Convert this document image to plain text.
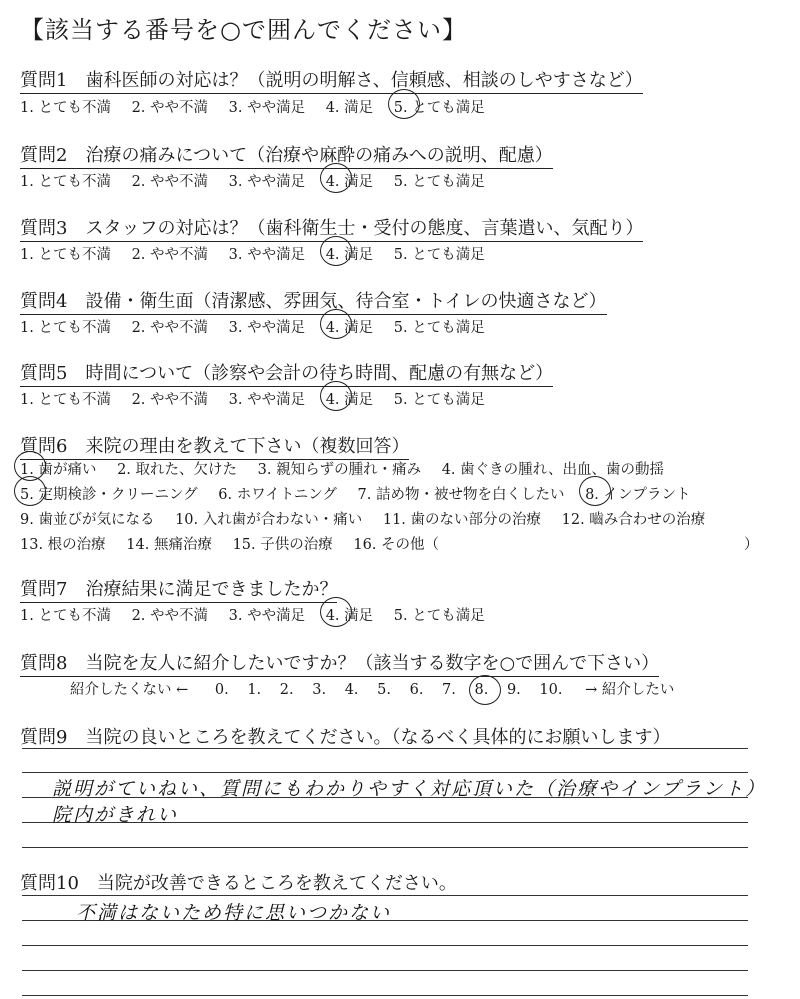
【該当する番号を○で囲んでください】
質問1　歯科医師の対応は？（説明の明解さ、信頼感、相談のしやすさなど）
1. とても不満 2. やや不満 3. やや満足 4. 満足 5. とても満足
質問2　治療の痛みについて（治療や麻酔の痛みへの説明、配慮）
1. とても不満 2. やや不満 3. やや満足 4. 満足 5. とても満足
質問3　スタッフの対応は？（歯科衛生士・受付の態度、言葉遣い、気配り）
1. とても不満 2. やや不満 3. やや満足 4. 満足 5. とても満足
質問4　設備・衛生面（清潔感、雰囲気、待合室・トイレの快適さなど）
1. とても不満 2. やや不満 3. やや満足 4. 満足 5. とても満足
質問5　時間について（診察や会計の待ち時間、配慮の有無など）
1. とても不満 2. やや不満 3. やや満足 4. 満足 5. とても満足
質問6　来院の理由を教えて下さい（複数回答）
1. 歯が痛い 2. 取れた、欠けた 3. 親知らずの腫れ・痛み 4. 歯ぐきの腫れ、出血、歯の動揺
5. 定期検診・クリーニング 6. ホワイトニング 7. 詰め物・被せ物を白くしたい 8. インプラント
9. 歯並びが気になる 10. 入れ歯が合わない・痛い 11. 歯のない部分の治療 12. 嚙み合わせの治療
13. 根の治療 14. 無痛治療 15. 子供の治療 16. その他（	）
質問7　治療結果に満足できましたか？
1. とても不満 2. やや不満 3. やや満足 4. 満足 5. とても満足
質問8　当院を友人に紹介したいですか？（該当する数字を○で囲んで下さい）
紹介したくない ← 0. 1. 2. 3. 4. 5. 6. 7. 8. 9. 10. → 紹介したい
質問9　当院の良いところを教えてください。（なるべく具体的にお願いします）
説明がていねい、質問にもわかりやすく対応頂いた（治療やインプラント）
院内がきれい
質問10　当院が改善できるところを教えてください。
不満はないため特に思いつかない
